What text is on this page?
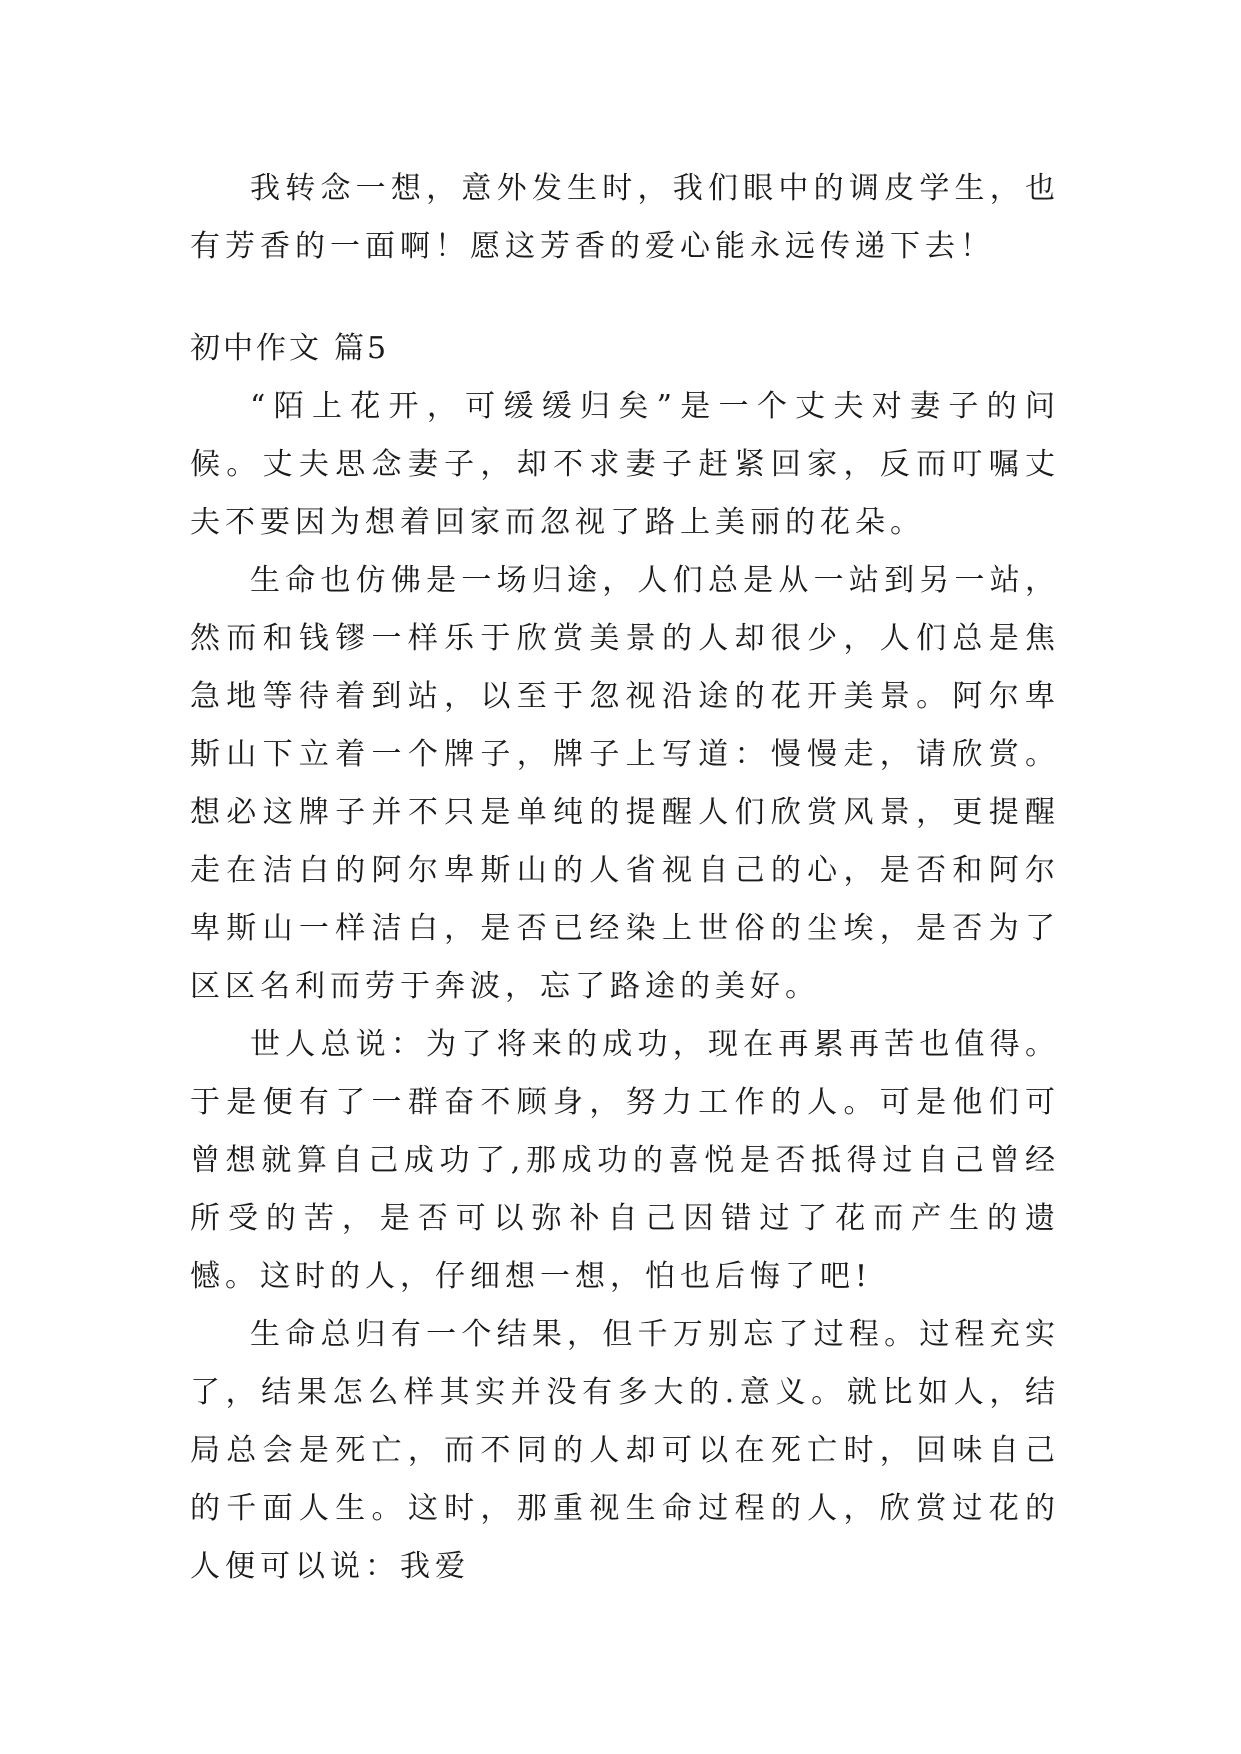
我转念一想，意外发生时，我们眼中的调皮学生，也有芳香的一面啊！愿这芳香的爱心能永远传递下去！

初中作文 篇5

“陌上花开，可缓缓归矣”是一个丈夫对妻子的问候。丈夫思念妻子，却不求妻子赶紧回家，反而叮嘱丈夫不要因为想着回家而忽视了路上美丽的花朵。

生命也仿佛是一场归途，人们总是从一站到另一站，然而和钱镠一样乐于欣赏美景的人却很少，人们总是焦急地等待着到站，以至于忽视沿途的花开美景。阿尔卑斯山下立着一个牌子，牌子上写道：慢慢走，请欣赏。想必这牌子并不只是单纯的提醒人们欣赏风景，更提醒走在洁白的阿尔卑斯山的人省视自己的心，是否和阿尔卑斯山一样洁白，是否已经染上世俗的尘埃，是否为了区区名利而劳于奔波，忘了路途的美好。

世人总说：为了将来的成功，现在再累再苦也值得。于是便有了一群奋不顾身，努力工作的人。可是他们可曾想就算自己成功了,那成功的喜悦是否抵得过自己曾经所受的苦，是否可以弥补自己因错过了花而产生的遗憾。这时的人，仔细想一想，怕也后悔了吧!

生命总归有一个结果，但千万别忘了过程。过程充实了，结果怎么样其实并没有多大的.意义。就比如人，结局总会是死亡，而不同的人却可以在死亡时，回味自己的千面人生。这时，那重视生命过程的人，欣赏过花的人便可以说：我爱
